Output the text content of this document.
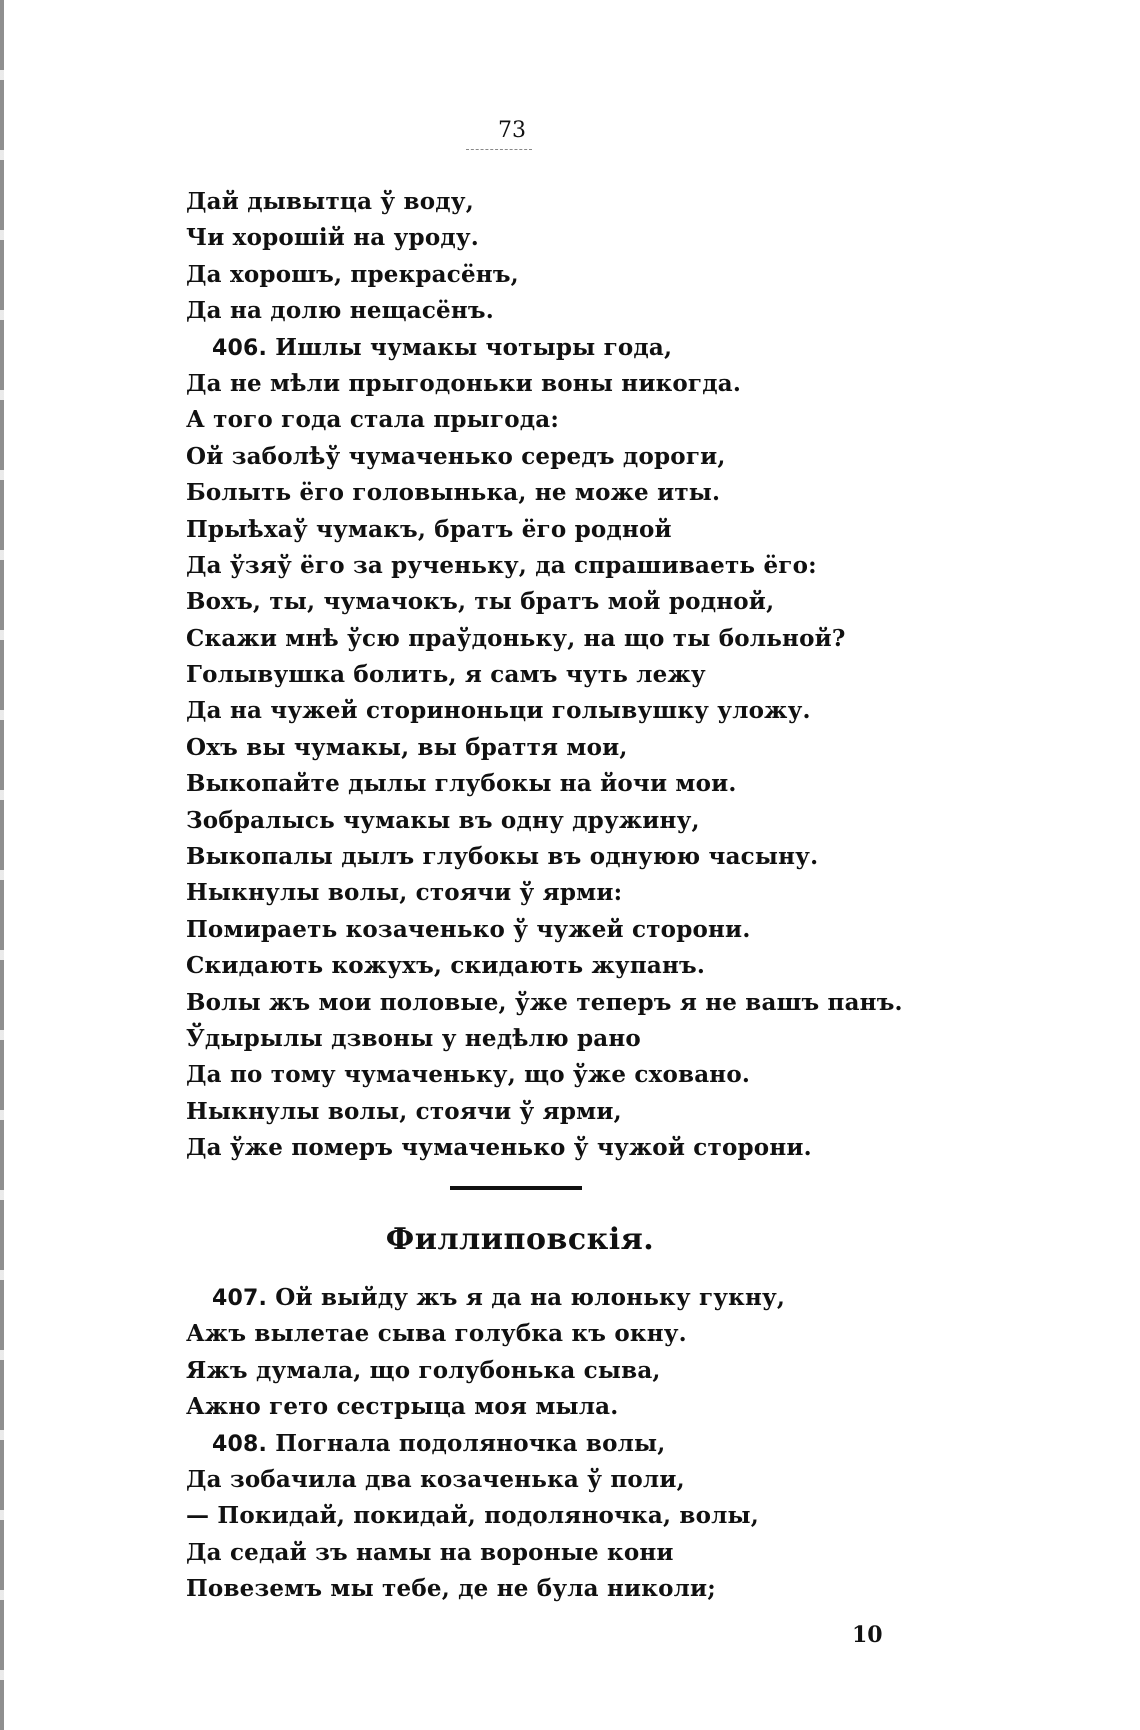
73
Дай дывытца ў воду,
Чи хорошій на уроду.
Да хорошъ, прекрасёнъ,
Да на долю нещасёнъ.
406. Ишлы чумакы чотыры года,
Да не мѣли прыгодоньки воны никогда.
А того года стала прыгода:
Ой заболѣў чумаченько середъ дороги,
Болыть ёго головынька, не може иты.
Прыѣхаў чумакъ, братъ ёго родной
Да ўзяў ёго за рученьку, да спрашиваеть ёго:
Вохъ, ты, чумачокъ, ты братъ мой родной,
Скажи мнѣ ўсю праўдоньку, на що ты больной?
Голывушка болить, я самъ чуть лежу
Да на чужей сторинoньци голывушку уложу.
Охъ вы чумакы, вы браття мои,
Выкопайте дылы глубокы на йочи мои.
Зобралысь чумакы въ одну дружину,
Выкопалы дылъ глубокы въ однуюю часыну.
Ныкнулы волы, стоячи ў ярми:
Помираеть козаченько ў чужей сторони.
Скидають кожухъ, скидають жупанъ.
Волы жъ мои половые, ўже теперъ я не вашъ панъ.
Ўдырылы дзвоны у недѣлю рано
Да по тому чумаченьку, що ўже сховано.
Ныкнулы волы, стоячи ў ярми,
Да ўже померъ чумаченько ў чужой сторони.
Филлиповскія.
407. Ой выйду жъ я да на юлоньку гукну,
Ажъ вылетае сыва голубка къ окну.
Яжъ думала, що голубонька сыва,
Ажно гето сестрыца моя мыла.
408. Погнала подоляночка волы,
Да зобачила два козаченька ў поли,
— Покидай, покидай, подоляночка, волы,
Да седай зъ намы на вороные кони
Повеземъ мы тебе, де не була николи;
10
